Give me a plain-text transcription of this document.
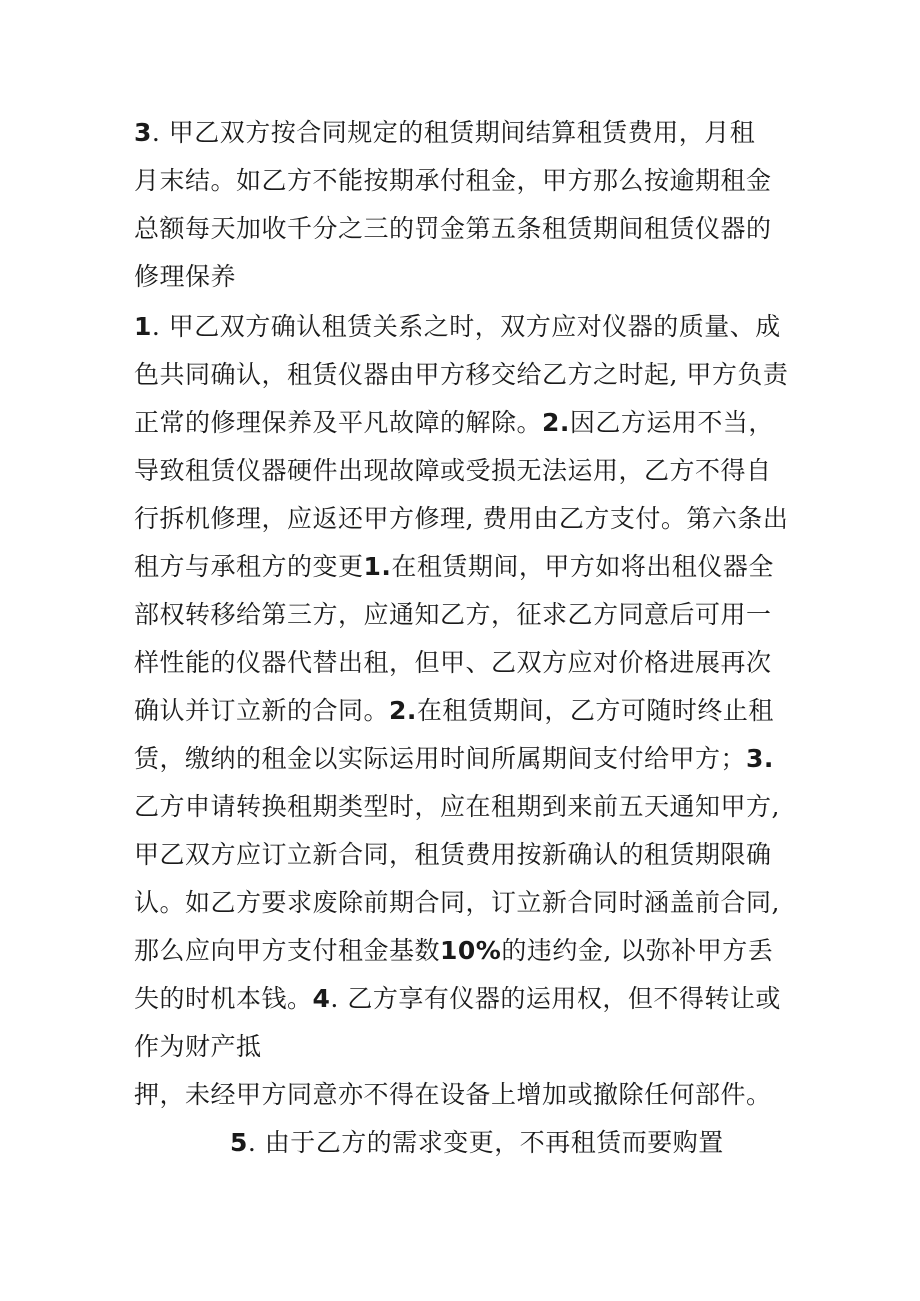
3. 甲乙双方按合同规定的租赁期间结算租赁费用，月租
月末结。如乙方不能按期承付租金，甲方那么按逾期租金
总额每天加收千分之三的罚金第五条租赁期间租赁仪器的
修理保养
1. 甲乙双方确认租赁关系之时，双方应对仪器的质量、成
色共同确认，租赁仪器由甲方移交给乙方之时起, 甲方负责
正常的修理保养及平凡故障的解除。2.因乙方运用不当，
导致租赁仪器硬件出现故障或受损无法运用，乙方不得自
行拆机修理，应返还甲方修理, 费用由乙方支付。第六条出
租方与承租方的变更1.在租赁期间，甲方如将出租仪器全
部权转移给第三方，应通知乙方，征求乙方同意后可用一
样性能的仪器代替出租，但甲、乙双方应对价格进展再次
确认并订立新的合同。2.在租赁期间，乙方可随时终止租
赁，缴纳的租金以实际运用时间所属期间支付给甲方；3.
乙方申请转换租期类型时，应在租期到来前五天通知甲方,
甲乙双方应订立新合同，租赁费用按新确认的租赁期限确
认。如乙方要求废除前期合同，订立新合同时涵盖前合同,
那么应向甲方支付租金基数10%的违约金, 以弥补甲方丢
失的时机本钱。4. 乙方享有仪器的运用权，但不得转让或
作为财产抵
押，未经甲方同意亦不得在设备上增加或撤除任何部件。
5. 由于乙方的需求变更，不再租赁而要购置
